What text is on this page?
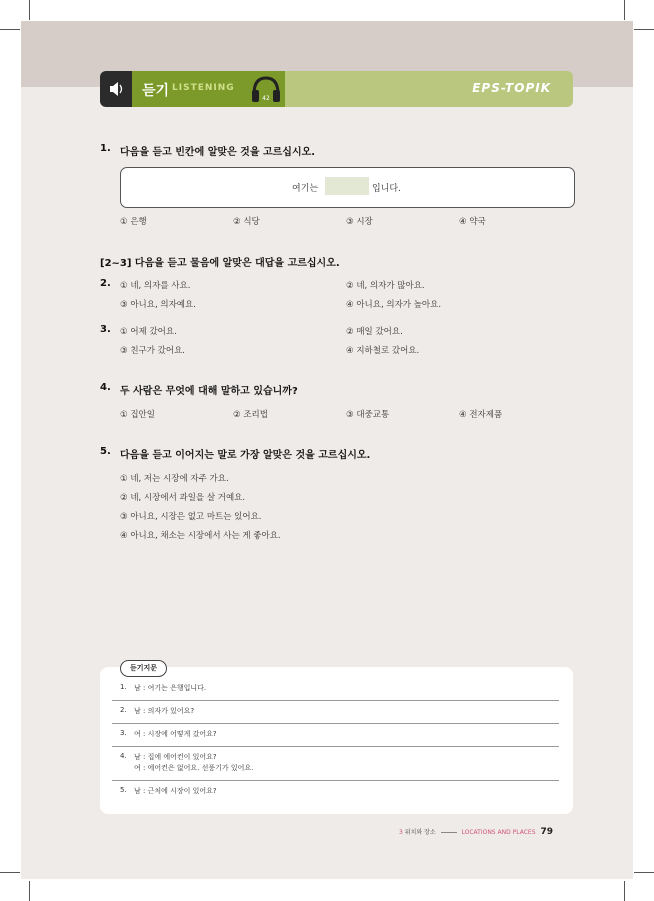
듣기 LISTENING
42
EPS-TOPIK
1. 다음을 듣고 빈칸에 알맞은 것을 고르십시오.
여기는	입니다.
① 은행	② 식당	③ 시장	④ 약국
[2~3] 다음을 듣고 물음에 알맞은 대답을 고르십시오.
2. ① 네, 의자를 사요.	② 네, 의자가 많아요.
③ 아니요, 의자예요.	④ 아니요, 의자가 높아요.
3. ① 어제 갔어요.	② 매일 갔어요.
③ 친구가 갔어요.	④ 지하철로 갔어요.
4. 두 사람은 무엇에 대해 말하고 있습니까?
① 집안일	② 조리법	③ 대중교통	④ 전자제품
5. 다음을 듣고 이어지는 말로 가장 알맞은 것을 고르십시오.
① 네, 저는 시장에 자주 가요.
② 네, 시장에서 과일을 살 거예요.
③ 아니요, 시장은 없고 마트는 있어요.
④ 아니요, 채소는 시장에서 사는 게 좋아요.
듣기지문
1. 남 : 여기는 은행입니다.
2. 남 : 의자가 있어요?
3. 여 : 시장에 어떻게 갔어요?
4. 남 : 집에 에어컨이 있어요?
여 : 에어컨은 없어요. 선풍기가 있어요.
5. 남 : 근처에 시장이 있어요?
3 위치와 장소	LOCATIONS AND PLACES 79
